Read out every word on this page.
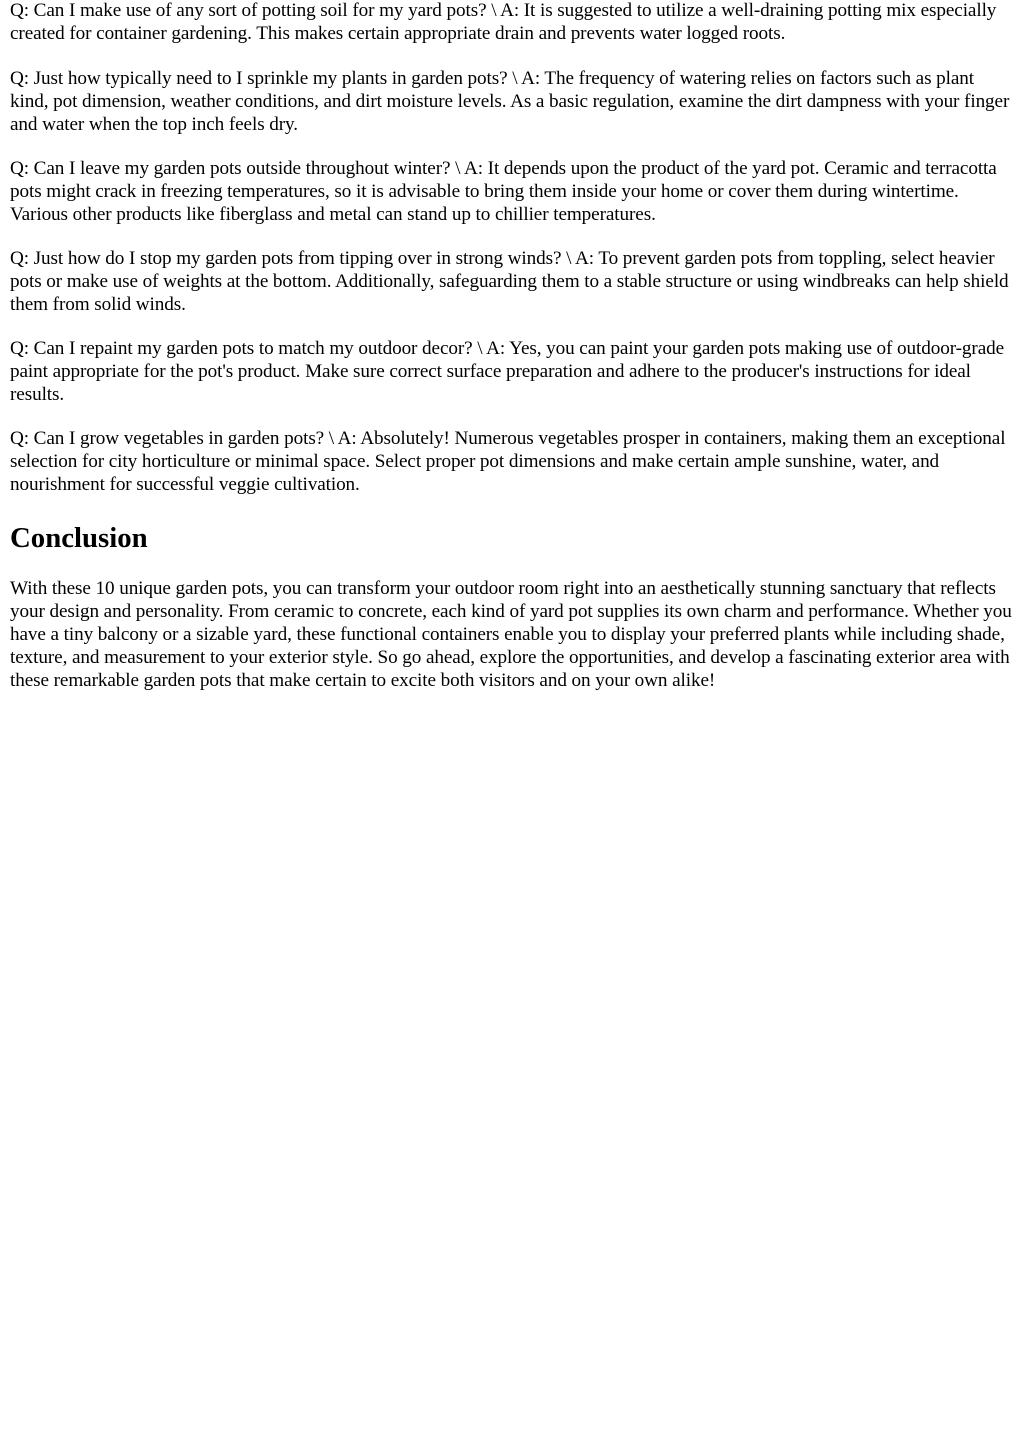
Q: Can I make use of any sort of potting soil for my yard pots? \ A: It is suggested to utilize a well-draining potting mix especially created for container gardening. This makes certain appropriate drain and prevents water logged roots.

Q: Just how typically need to I sprinkle my plants in garden pots? \ A: The frequency of watering relies on factors such as plant kind, pot dimension, weather conditions, and dirt moisture levels. As a basic regulation, examine the dirt dampness with your finger and water when the top inch feels dry.

Q: Can I leave my garden pots outside throughout winter? \ A: It depends upon the product of the yard pot. Ceramic and terracotta pots might crack in freezing temperatures, so it is advisable to bring them inside your home or cover them during wintertime. Various other products like fiberglass and metal can stand up to chillier temperatures.

Q: Just how do I stop my garden pots from tipping over in strong winds? \ A: To prevent garden pots from toppling, select heavier pots or make use of weights at the bottom. Additionally, safeguarding them to a stable structure or using windbreaks can help shield them from solid winds.

Q: Can I repaint my garden pots to match my outdoor decor? \ A: Yes, you can paint your garden pots making use of outdoor-grade paint appropriate for the pot's product. Make sure correct surface preparation and adhere to the producer's instructions for ideal results.

Q: Can I grow vegetables in garden pots? \ A: Absolutely! Numerous vegetables prosper in containers, making them an exceptional selection for city horticulture or minimal space. Select proper pot dimensions and make certain ample sunshine, water, and nourishment for successful veggie cultivation.

Conclusion

With these 10 unique garden pots, you can transform your outdoor room right into an aesthetically stunning sanctuary that reflects your design and personality. From ceramic to concrete, each kind of yard pot supplies its own charm and performance. Whether you have a tiny balcony or a sizable yard, these functional containers enable you to display your preferred plants while including shade, texture, and measurement to your exterior style. So go ahead, explore the opportunities, and develop a fascinating exterior area with these remarkable garden pots that make certain to excite both visitors and on your own alike!
